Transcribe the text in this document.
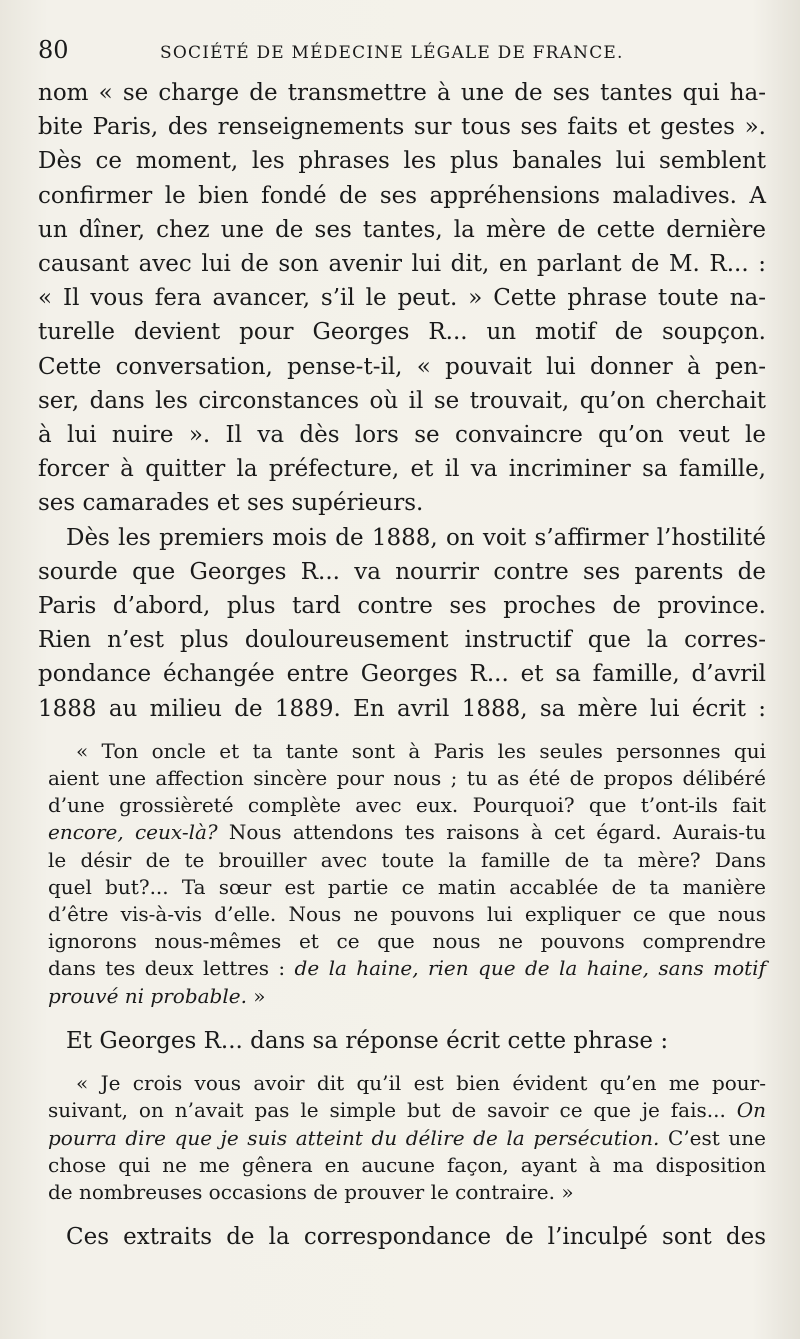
80	SOCIÉTÉ DE MÉDECINE LÉGALE DE FRANCE.

nom « se charge de transmettre à une de ses tantes qui ha-

bite Paris, des renseignements sur tous ses faits et gestes ».

Dès ce moment, les phrases les plus banales lui semblent

confirmer le bien fondé de ses appréhensions maladives. A

un dîner, chez une de ses tantes, la mère de cette dernière

causant avec lui de son avenir lui dit, en parlant de M. R... :

« Il vous fera avancer, s’il le peut. » Cette phrase toute na-

turelle devient pour Georges R... un motif de soupçon.

Cette conversation, pense-t-il, « pouvait lui donner à pen-

ser, dans les circonstances où il se trouvait, qu’on cherchait

à lui nuire ». Il va dès lors se convaincre qu’on veut le

forcer à quitter la préfecture, et il va incriminer sa famille,

ses camarades et ses supérieurs.

Dès les premiers mois de 1888, on voit s’affirmer l’hostilité

sourde que Georges R... va nourrir contre ses parents de

Paris d’abord, plus tard contre ses proches de province.

Rien n’est plus douloureusement instructif que la corres-

pondance échangée entre Georges R... et sa famille, d’avril

1888 au milieu de 1889. En avril 1888, sa mère lui écrit :

« Ton oncle et ta tante sont à Paris les seules personnes qui

aient une affection sincère pour nous ; tu as été de propos délibéré

d’une grossièreté complète avec eux. Pourquoi? que t’ont-ils fait

encore, ceux-là? Nous attendons tes raisons à cet égard. Aurais-tu

le désir de te brouiller avec toute la famille de ta mère? Dans

quel but?... Ta sœur est partie ce matin accablée de ta manière

d’être vis-à-vis d’elle. Nous ne pouvons lui expliquer ce que nous

ignorons nous-mêmes et ce que nous ne pouvons comprendre

dans tes deux lettres : de la haine, rien que de la haine, sans motif

prouvé ni probable. »

Et Georges R... dans sa réponse écrit cette phrase :

« Je crois vous avoir dit qu’il est bien évident qu’en me pour-

suivant, on n’avait pas le simple but de savoir ce que je fais... On

pourra dire que je suis atteint du délire de la persécution. C’est une

chose qui ne me gênera en aucune façon, ayant à ma disposition

de nombreuses occasions de prouver le contraire. »

Ces extraits de la correspondance de l’inculpé sont des
